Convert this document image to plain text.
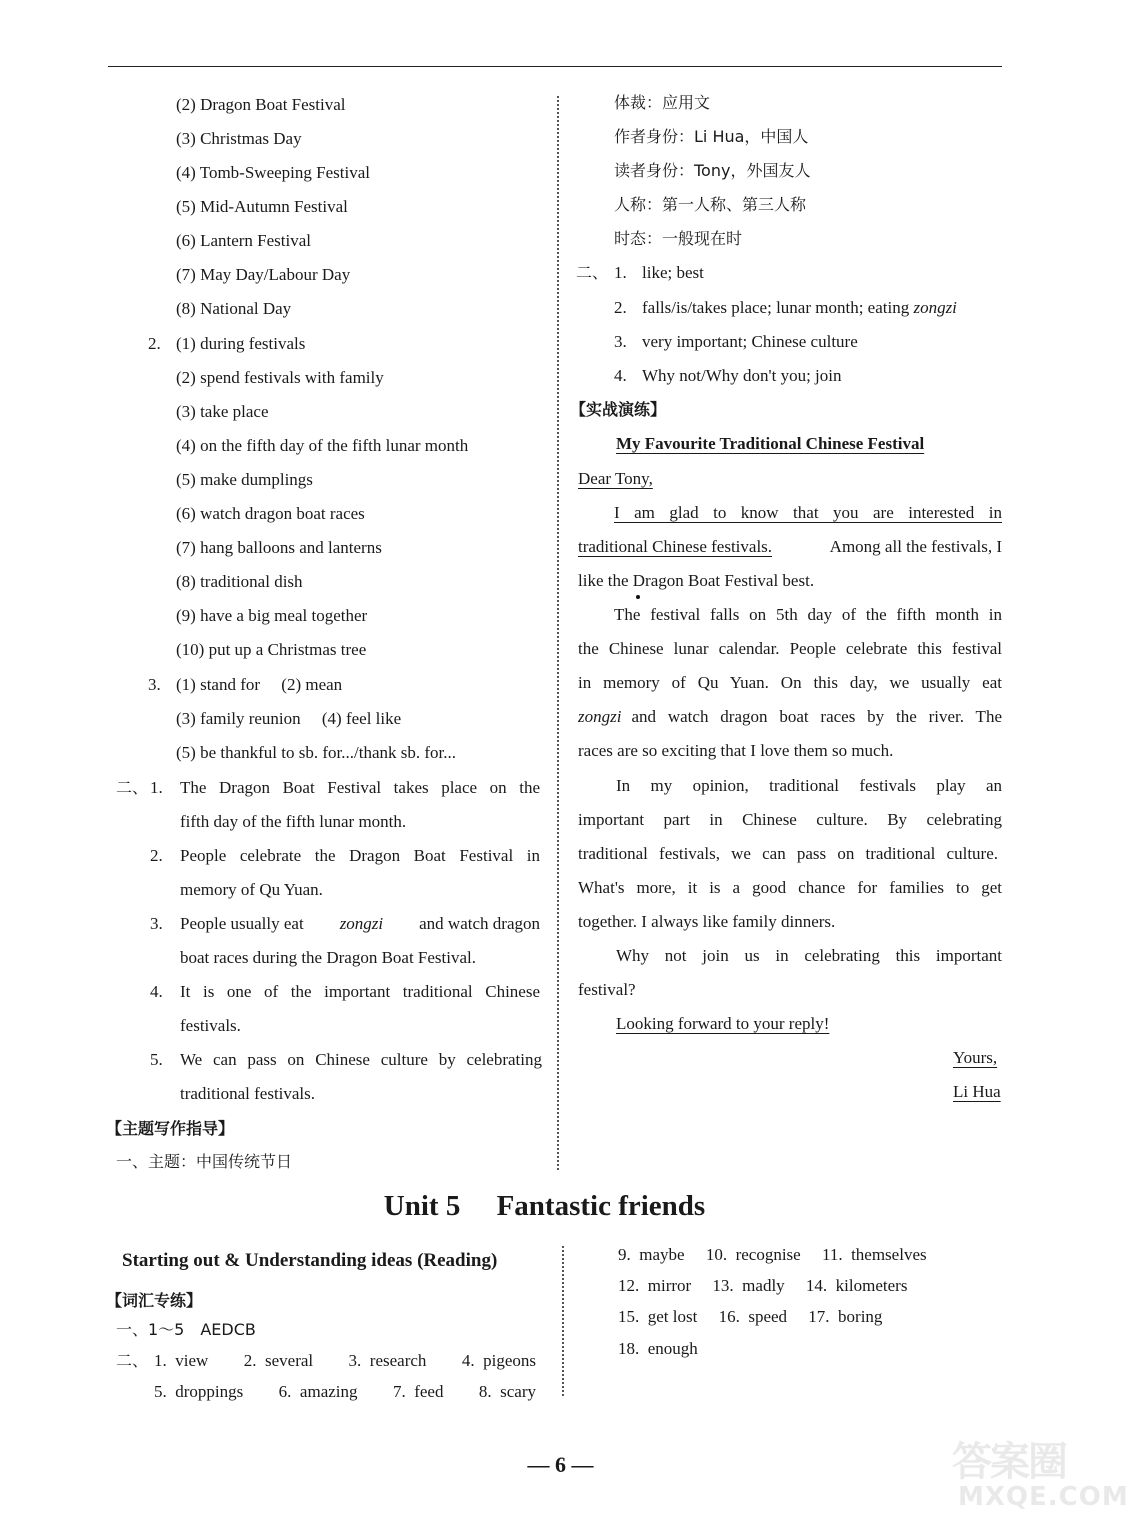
(2) Dragon Boat Festival
(3) Christmas Day
(4) Tomb-Sweeping Festival
(5) Mid-Autumn Festival
(6) Lantern Festival
(7) May Day/Labour Day
(8) National Day
2. (1) during festivals
(2) spend festivals with family
(3) take place
(4) on the fifth day of the fifth lunar month
(5) make dumplings
(6) watch dragon boat races
(7) hang balloons and lanterns
(8) traditional dish
(9) have a big meal together
(10) put up a Christmas tree
3. (1) stand for  (2) mean
(3) family reunion  (4) feel like
(5) be thankful to sb. for.../thank sb. for...
二、 1. The Dragon Boat Festival takes place on the
fifth day of the fifth lunar month.
2. People celebrate the Dragon Boat Festival in
memory of Qu Yuan.
3. People usually eat zongzi and watch dragon
boat races during the Dragon Boat Festival.
4. It is one of the important traditional Chinese
festivals.
5. We can pass on Chinese culture by celebrating
traditional festivals.
【主题写作指导】
一、主题：中国传统节日
体裁：应用文
作者身份：Li Hua，中国人
读者身份：Tony，外国友人
人称：第一人称、第三人称
时态：一般现在时
二、 1. like; best
2. falls/is/takes place; lunar month; eating zongzi
3. very important; Chinese culture
4. Why not/Why don't you; join
【实战演练】
My Favourite Traditional Chinese Festival
Dear Tony,
I am glad to know that you are interested in
traditional Chinese festivals.	Among all the festivals, I
like the Dragon Boat Festival best.
The festival falls on 5th day of the fifth month in
the Chinese lunar calendar. People celebrate this festival
in memory of Qu Yuan. On this day, we usually eat
zongzi and watch dragon boat races by the river. The
races are so exciting that I love them so much.
In my opinion, traditional festivals play an
important part in Chinese culture. By celebrating
traditional festivals, we can pass on traditional culture.
What's more, it is a good chance for families to get
together. I always like family dinners.
Why not join us in celebrating this important
festival?
Looking forward to your reply!
Yours,
Li Hua
Unit 5  Fantastic friends
Starting out & Understanding ideas (Reading)
【词汇专练】
一、1～5 AEDCB
二、 1. view  2. several  3. research  4. pigeons
5. droppings  6. amazing  7. feed  8. scary
9. maybe  10. recognise  11. themselves
12. mirror  13. madly  14. kilometers
15. get lost  16. speed  17. boring
18. enough
— 6 —	答案圈
MXQE.COM
